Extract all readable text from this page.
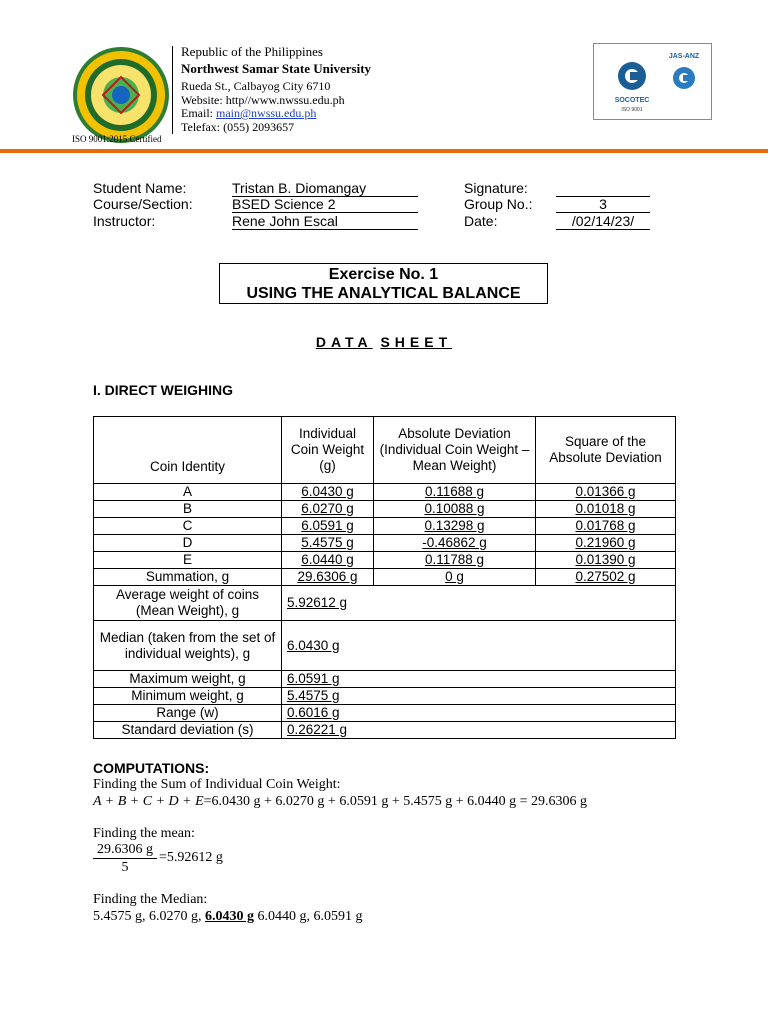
Republic of the Philippines
Northwest Samar State University
Rueda St., Calbayog City 6710
Website: http//www.nwssu.edu.ph
Email: main@nwssu.edu.ph
Telefax: (055) 2093657
ISO 9001:2015 Certified
SOCOTEC
ISO 9001
JAS-ANZ
Student Name:	Tristan B. Diomangay
Course/Section:	BSED Science 2
Instructor:	Rene John Escal
Signature:
Group No.:	3
Date:	/02/14/23/
Exercise No. 1
USING THE ANALYTICAL BALANCE
DATA SHEET
I. DIRECT WEIGHING
Coin Identity	Individual Coin Weight (g)	Absolute Deviation (Individual Coin Weight – Mean Weight)	Square of the Absolute Deviation
A	6.0430 g	0.11688 g	0.01366 g
B	6.0270 g	0.10088 g	0.01018 g
C	6.0591 g	0.13298 g	0.01768 g
D	5.4575 g	-0.46862 g	0.21960 g
E	6.0440 g	0.11788 g	0.01390 g
Summation, g	29.6306 g	0 g	0.27502 g
Average weight of coins (Mean Weight), g	5.92612 g		
Median (taken from the set of individual weights), g	6.0430 g		
Maximum weight, g	6.0591 g		
Minimum weight, g	5.4575 g		
Range (w)	0.6016 g		
Standard deviation (s)	0.26221 g		
COMPUTATIONS:
Finding the Sum of Individual Coin Weight:
A + B + C + D + E=6.0430 g + 6.0270 g + 6.0591 g + 5.4575 g + 6.0440 g = 29.6306 g
Finding the mean:
29.6306 g
5
=5.92612 g
Finding the Median:
5.4575 g, 6.0270 g, 6.0430 g 6.0440 g, 6.0591 g
